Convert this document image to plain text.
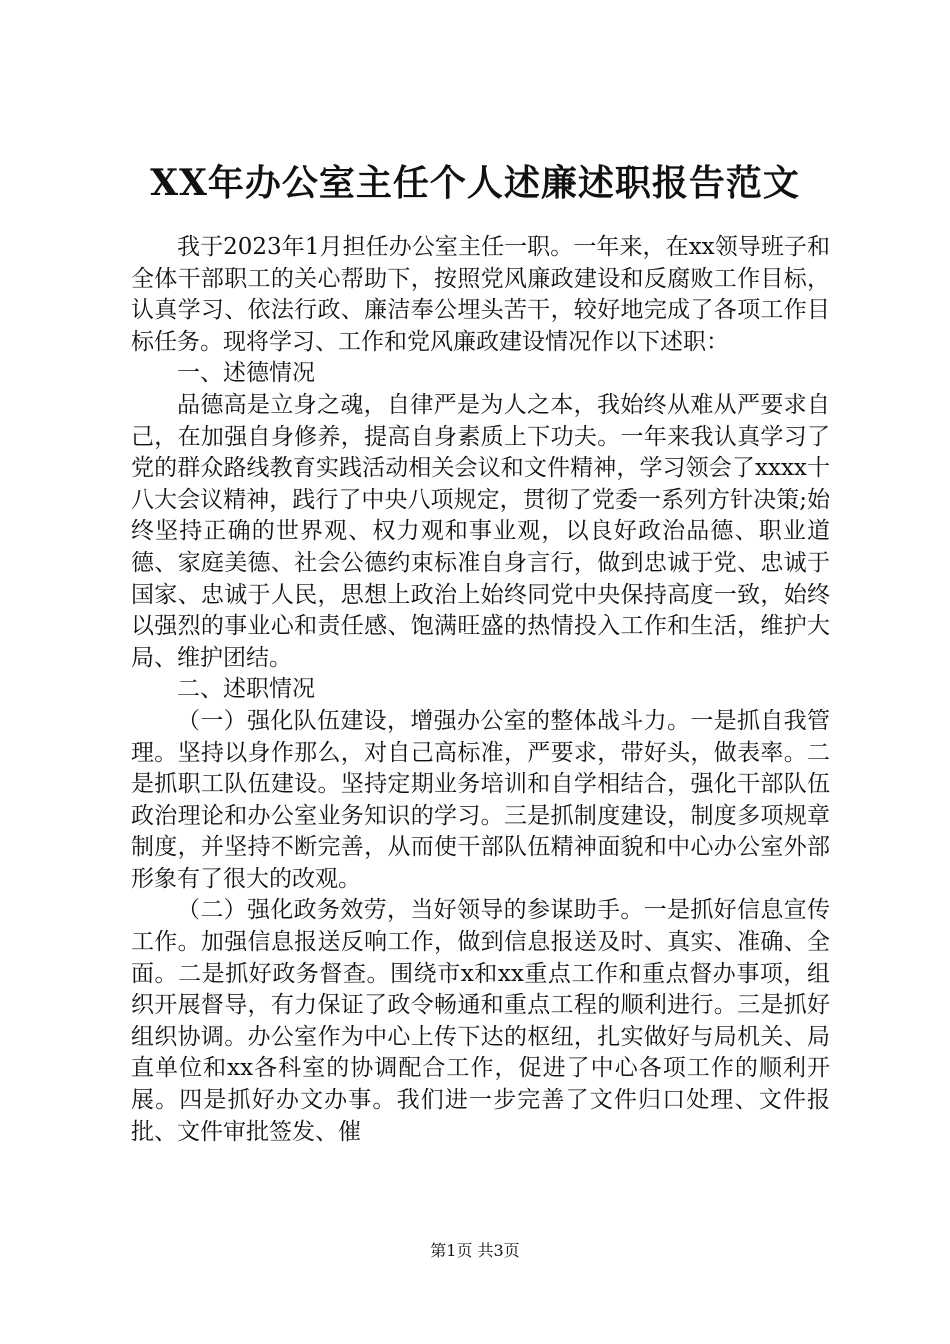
XX年办公室主任个人述廉述职报告范文

我于2023年1月担任办公室主任一职。一年来，在xx领导班子和全体干部职工的关心帮助下，按照党风廉政建设和反腐败工作目标，认真学习、依法行政、廉洁奉公埋头苦干，较好地完成了各项工作目标任务。现将学习、工作和党风廉政建设情况作以下述职：

一、述德情况

品德高是立身之魂，自律严是为人之本，我始终从难从严要求自己，在加强自身修养，提高自身素质上下功夫。一年来我认真学习了党的群众路线教育实践活动相关会议和文件精神，学习领会了xxxx十八大会议精神，践行了中央八项规定，贯彻了党委一系列方针决策;始终坚持正确的世界观、权力观和事业观，以良好政治品德、职业道德、家庭美德、社会公德约束标准自身言行，做到忠诚于党、忠诚于国家、忠诚于人民，思想上政治上始终同党中央保持高度一致，始终以强烈的事业心和责任感、饱满旺盛的热情投入工作和生活，维护大局、维护团结。

二、述职情况

（一）强化队伍建设，增强办公室的整体战斗力。一是抓自我管理。坚持以身作那么，对自己高标准，严要求，带好头，做表率。二是抓职工队伍建设。坚持定期业务培训和自学相结合，强化干部队伍政治理论和办公室业务知识的学习。三是抓制度建设，制度多项规章制度，并坚持不断完善，从而使干部队伍精神面貌和中心办公室外部形象有了很大的改观。

（二）强化政务效劳，当好领导的参谋助手。一是抓好信息宣传工作。加强信息报送反响工作，做到信息报送及时、真实、准确、全面。二是抓好政务督查。围绕市x和xx重点工作和重点督办事项，组织开展督导，有力保证了政令畅通和重点工程的顺利进行。三是抓好组织协调。办公室作为中心上传下达的枢纽，扎实做好与局机关、局直单位和xx各科室的协调配合工作，促进了中心各项工作的顺利开展。四是抓好办文办事。我们进一步完善了文件归口处理、文件报批、文件审批签发、催

第1页 共3页
